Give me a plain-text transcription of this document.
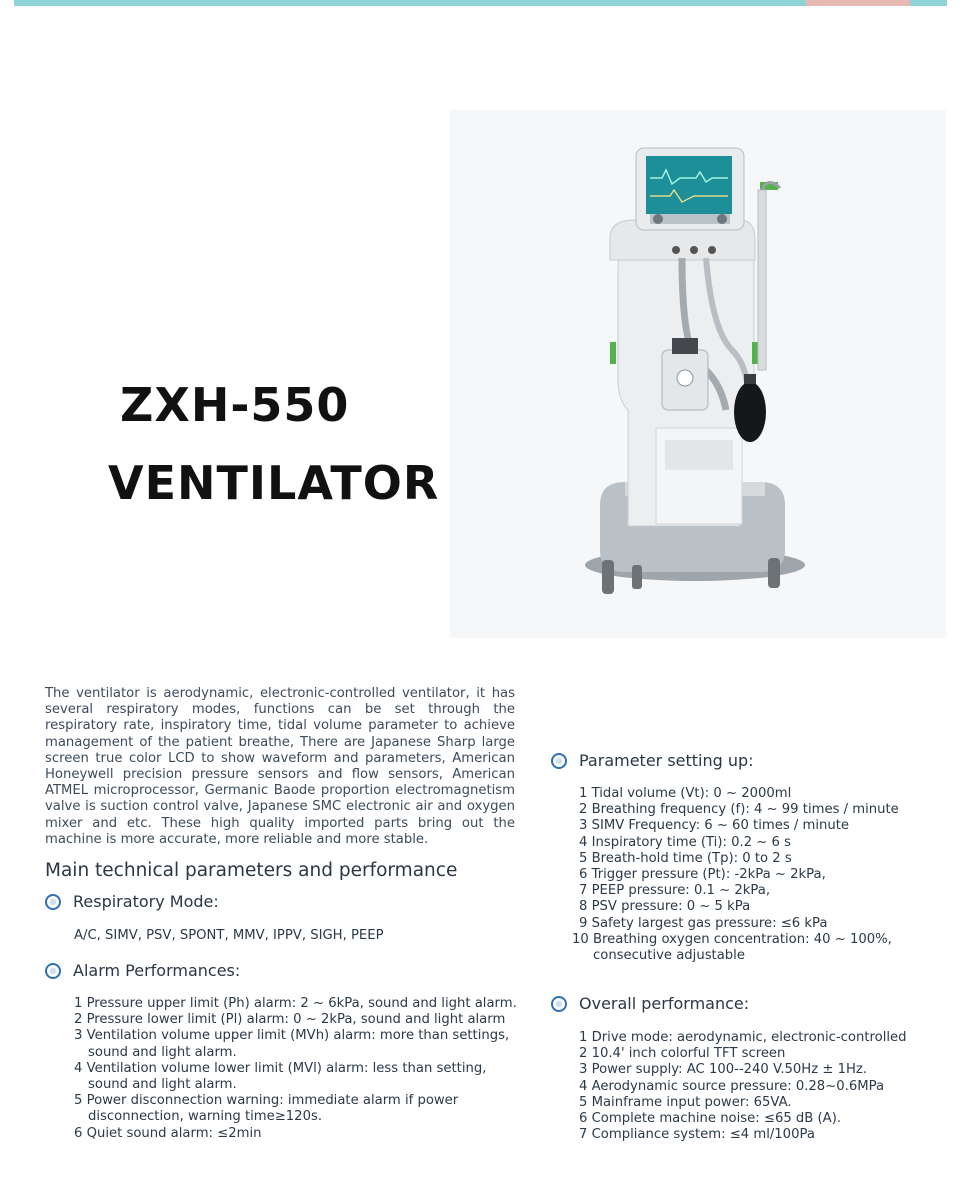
ZXH-550
VENTILATOR
The ventilator is aerodynamic, electronic-controlled ventilator, it has several respiratory modes, functions can be set through the respiratory rate, inspiratory time, tidal volume parameter to achieve management of the patient breathe, There are Japanese Sharp large screen true color LCD to show waveform and parameters, American Honeywell precision pressure sensors and flow sensors, American ATMEL microprocessor, Germanic Baode proportion electromagnetism valve is suction control valve, Japanese SMC electronic air and oxygen mixer and etc. These high quality imported parts bring out the machine is more accurate, more reliable and more stable.
Main technical parameters and performance
Respiratory Mode:
A/C, SIMV, PSV, SPONT, MMV, IPPV, SIGH, PEEP
Alarm Performances:
1 Pressure upper limit (Ph) alarm: 2 ~ 6kPa, sound and light alarm.
2 Pressure lower limit (Pl) alarm: 0 ~ 2kPa, sound and light alarm
3 Ventilation volume upper limit (MVh) alarm: more than settings,
sound and light alarm.
4 Ventilation volume lower limit (MVl) alarm: less than setting,
sound and light alarm.
5 Power disconnection warning: immediate alarm if power
disconnection, warning time≥120s.
6 Quiet sound alarm: ≤2min
Parameter setting up:
1 Tidal volume (Vt): 0 ~ 2000ml
2 Breathing frequency (f): 4 ~ 99 times / minute
3 SIMV Frequency: 6 ~ 60 times / minute
4 Inspiratory time (Ti): 0.2 ~ 6 s
5 Breath-hold time (Tp): 0 to 2 s
6 Trigger pressure (Pt): -2kPa ~ 2kPa,
7 PEEP pressure: 0.1 ~ 2kPa,
8 PSV pressure: 0 ~ 5 kPa
9 Safety largest gas pressure: ≤6 kPa
10 Breathing oxygen concentration: 40 ~ 100%,
consecutive adjustable
Overall performance:
1 Drive mode: aerodynamic, electronic-controlled
2 10.4' inch colorful TFT screen
3 Power supply: AC 100--240 V.50Hz ± 1Hz.
4 Aerodynamic source pressure: 0.28~0.6MPa
5 Mainframe input power: 65VA.
6 Complete machine noise: ≤65 dB (A).
7 Compliance system: ≤4 ml/100Pa
